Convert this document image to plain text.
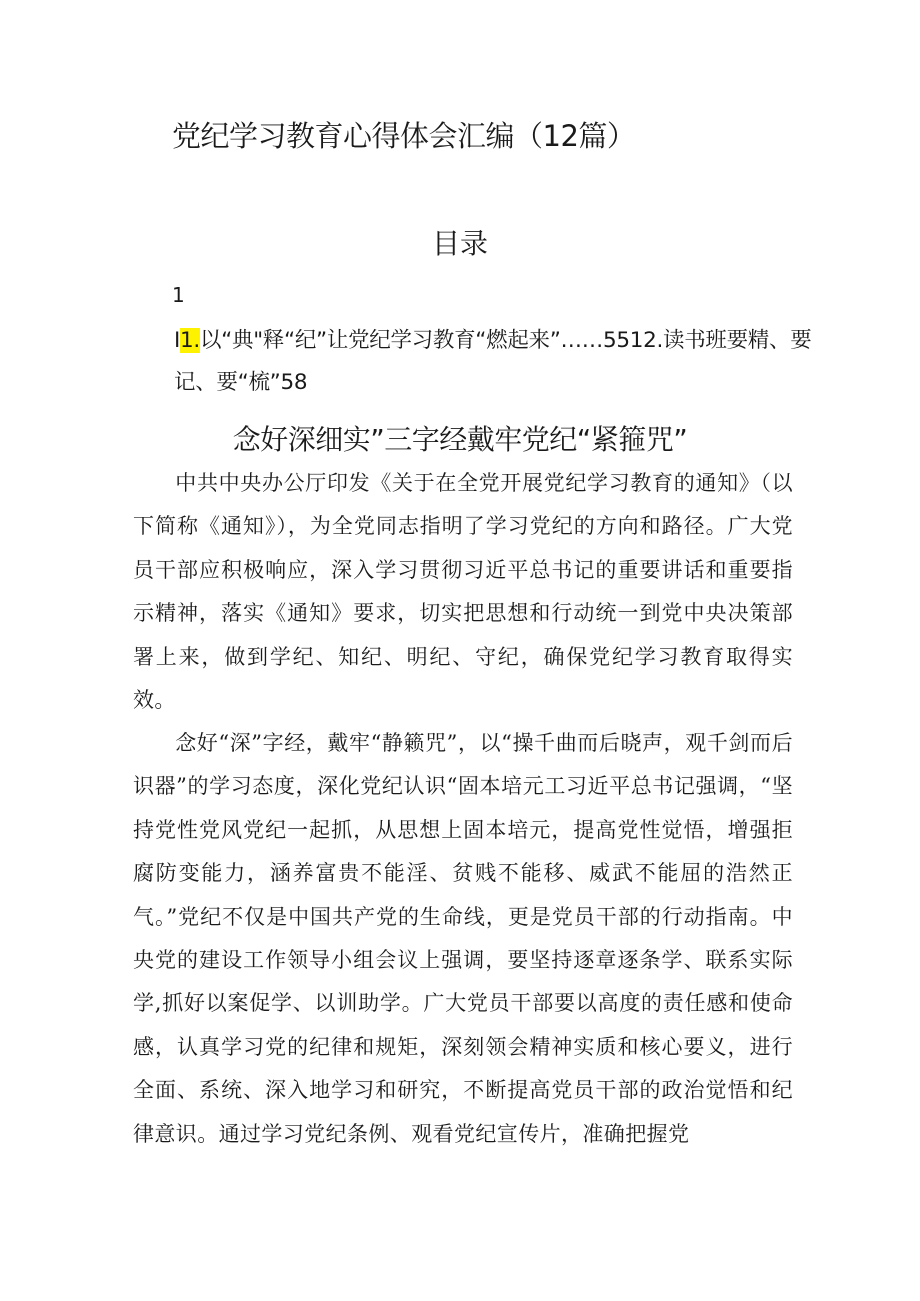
党纪学习教育心得体会汇编（12篇）
目录
1
I1.以“典"释“纪”让党纪学习教育“燃起来”……5512.读书班要精、要记、要“梳”58
念好深细实”三字经戴牢党纪“紧箍咒”

中共中央办公厅印发《关于在全党开展党纪学习教育的通知》（以下简称《通知》），为全党同志指明了学习党纪的方向和路径。广大党员干部应积极响应，深入学习贯彻习近平总书记的重要讲话和重要指示精神，落实《通知》要求，切实把思想和行动统一到党中央决策部署上来，做到学纪、知纪、明纪、守纪，确保党纪学习教育取得实效。

念好“深”字经，戴牢“静籁咒”，以“操千曲而后晓声，观千剑而后识器”的学习态度，深化党纪认识“固本培元工习近平总书记强调，“坚持党性党风党纪一起抓，从思想上固本培元，提高党性觉悟，增强拒腐防变能力，涵养富贵不能淫、贫贱不能移、威武不能屈的浩然正气。”党纪不仅是中国共产党的生命线，更是党员干部的行动指南。中央党的建设工作领导小组会议上强调，要坚持逐章逐条学、联系实际学,抓好以案促学、以训助学。广大党员干部要以高度的责任感和使命感，认真学习党的纪律和规矩，深刻领会精神实质和核心要义，进行全面、系统、深入地学习和研究，不断提高党员干部的政治觉悟和纪律意识。通过学习党纪条例、观看党纪宣传片，准确把握党
